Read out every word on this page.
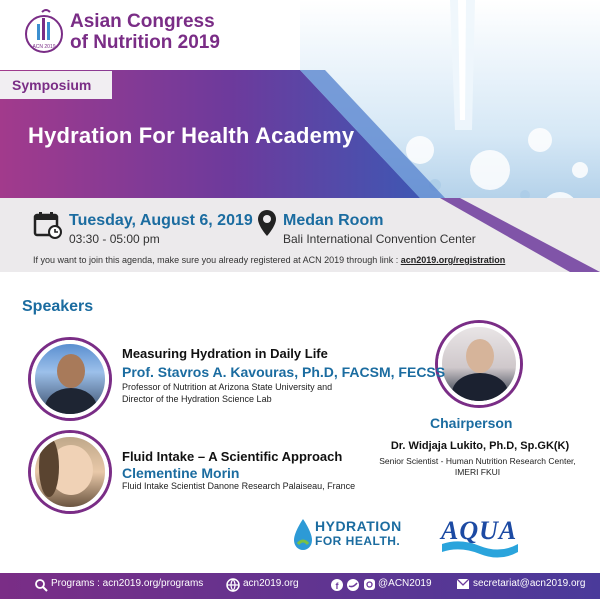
ACN 2019
Asian Congress
of Nutrition 2019
Symposium
Hydration For Health Academy
Tuesday, August 6, 2019
03:30 - 05:00 pm
Medan Room
Bali International Convention Center
If you want to join this agenda, make sure you already registered at ACN 2019 through link : acn2019.org/registration
Speakers
Measuring Hydration in Daily Life
Prof. Stavros A. Kavouras, Ph.D, FACSM, FECSS
Professor of Nutrition at Arizona State University and
Director of the Hydration Science Lab
Fluid Intake – A Scientific Approach
Clementine Morin
Fluid Intake Scientist Danone Research Palaiseau, France
Chairperson
Dr. Widjaja Lukito, Ph.D, Sp.GK(K)
Senior Scientist - Human Nutrition Research Center,
IMERI FKUI
HYDRATION
FOR HEALTH. AQUA
Programs : acn2019.org/programs	acn2019.org	f	@ACN2019	secretariat@acn2019.org
